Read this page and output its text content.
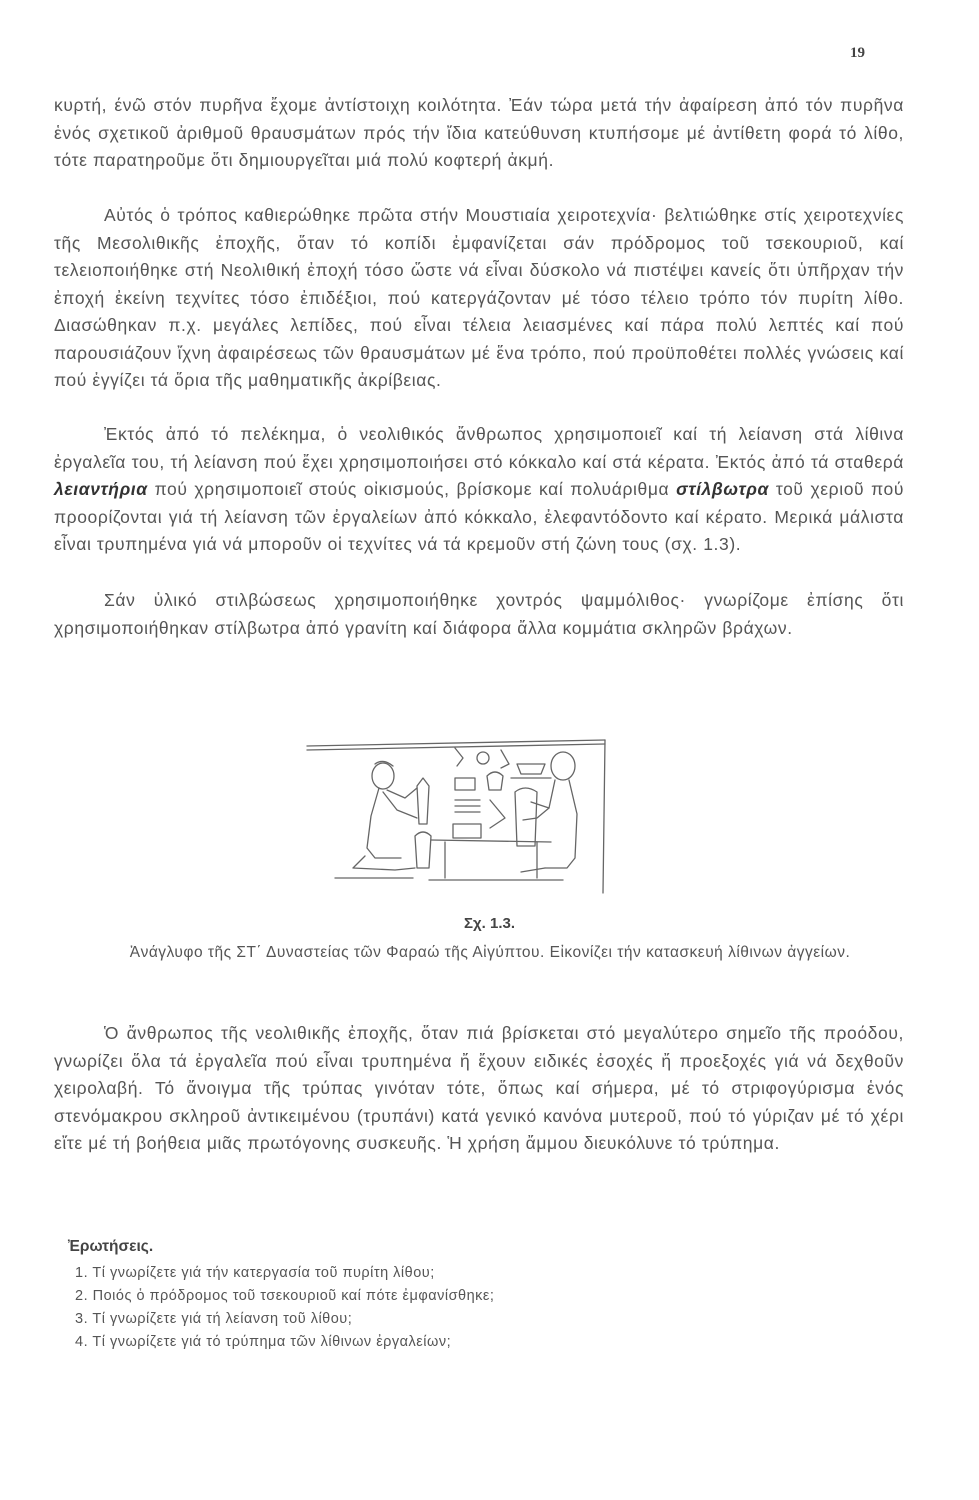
19

κυρτή, ένῶ στόν πυρῆνα ἔχομε ἀντίστοιχη κοιλότητα. Ἐάν τώρα μετά τήν ἀφαίρεση ἀπό τόν πυρῆνα ἑνός σχετικοῦ ἀριθμοῦ θραυσμάτων πρός τήν ἴδια κατεύθυνση κτυπήσομε μέ ἀντίθετη φορά τό λίθο, τότε παρατηροῦμε ὅτι δημιουργεῖται μιά πολύ κοφτερή ἀκμή.

Αὐτός ὁ τρόπος καθιερώθηκε πρῶτα στήν Μουστιαία χειροτεχνία· βελτιώθηκε στίς χειροτεχνίες τῆς Μεσολιθικῆς ἐποχῆς, ὅταν τό κοπίδι ἐμφανίζεται σάν πρόδρομος τοῦ τσεκουριοῦ, καί τελειοποιήθηκε στή Νεολιθική ἐποχή τόσο ὥστε νά εἶναι δύσκολο νά πιστέψει κανείς ὅτι ὑπῆρχαν τήν ἐποχή ἐκείνη τεχνίτες τόσο ἐπιδέξιοι, πού κατεργάζονταν μέ τόσο τέλειο τρόπο τόν πυρίτη λίθο. Διασώθηκαν π.χ. μεγάλες λεπίδες, πού εἶναι τέλεια λειασμένες καί πάρα πολύ λεπτές καί πού παρουσιάζουν ἴχνη ἀφαιρέσεως τῶν θραυσμάτων μέ ἕνα τρόπο, πού προϋποθέτει πολλές γνώσεις καί πού ἐγγίζει τά ὅρια τῆς μαθηματικῆς ἀκρίβειας.

Ἐκτός ἀπό τό πελέκημα, ὁ νεολιθικός ἄνθρωπος χρησιμοποιεῖ καί τή λείανση στά λίθινα ἐργαλεῖα του, τή λείανση πού ἔχει χρησιμοποιήσει στό κόκκαλο καί στά κέρατα. Ἐκτός ἀπό τά σταθερά λειαντήρια πού χρησιμοποιεῖ στούς οἰκισμούς, βρίσκομε καί πολυάριθμα στίλβωτρα τοῦ χεριοῦ πού προορίζονται γιά τή λείανση τῶν ἐργαλείων ἀπό κόκκαλο, ἐλεφαντόδοντο καί κέρατο. Μερικά μάλιστα εἶναι τρυπημένα γιά νά μποροῦν οἱ τεχνίτες νά τά κρεμοῦν στή ζώνη τους (σχ. 1.3).

Σάν ὑλικό στιλβώσεως χρησιμοποιήθηκε χοντρός ψαμμόλιθος· γνωρίζομε ἐπίσης ὅτι χρησιμοποιήθηκαν στίλβωτρα ἀπό γρανίτη καί διάφορα ἄλλα κομμάτια σκληρῶν βράχων.

Σχ. 1.3.
Ἀνάγλυφο τῆς ΣΤ΄ Δυναστείας τῶν Φαραώ τῆς Αἰγύπτου. Εἰκονίζει τήν κατασκευή λίθινων ἀγγείων.

Ὁ ἄνθρωπος τῆς νεολιθικῆς ἐποχῆς, ὅταν πιά βρίσκεται στό μεγαλύτερο σημεῖο τῆς προόδου, γνωρίζει ὅλα τά ἐργαλεῖα πού εἶναι τρυπημένα ἤ ἔχουν ειδικές ἐσοχές ἤ προεξοχές γιά νά δεχθοῦν χειρολαβή. Τό ἄνοιγμα τῆς τρύπας γινόταν τότε, ὅπως καί σήμερα, μέ τό στριφογύρισμα ἑνός στενόμακρου σκληροῦ ἀντικειμένου (τρυπάνι) κατά γενικό κανόνα μυτεροῦ, πού τό γύριζαν μέ τό χέρι εἴτε μέ τή βοήθεια μιᾶς πρωτόγονης συσκευῆς. Ἡ χρήση ἄμμου διευκόλυνε τό τρύπημα.

Ἐρωτήσεις.
1. Τί γνωρίζετε γιά τήν κατεργασία τοῦ πυρίτη λίθου;
2. Ποιός ὁ πρόδρομος τοῦ τσεκουριοῦ καί πότε ἐμφανίσθηκε;
3. Τί γνωρίζετε γιά τή λείανση τοῦ λίθου;
4. Τί γνωρίζετε γιά τό τρύπημα τῶν λίθινων ἐργαλείων;
